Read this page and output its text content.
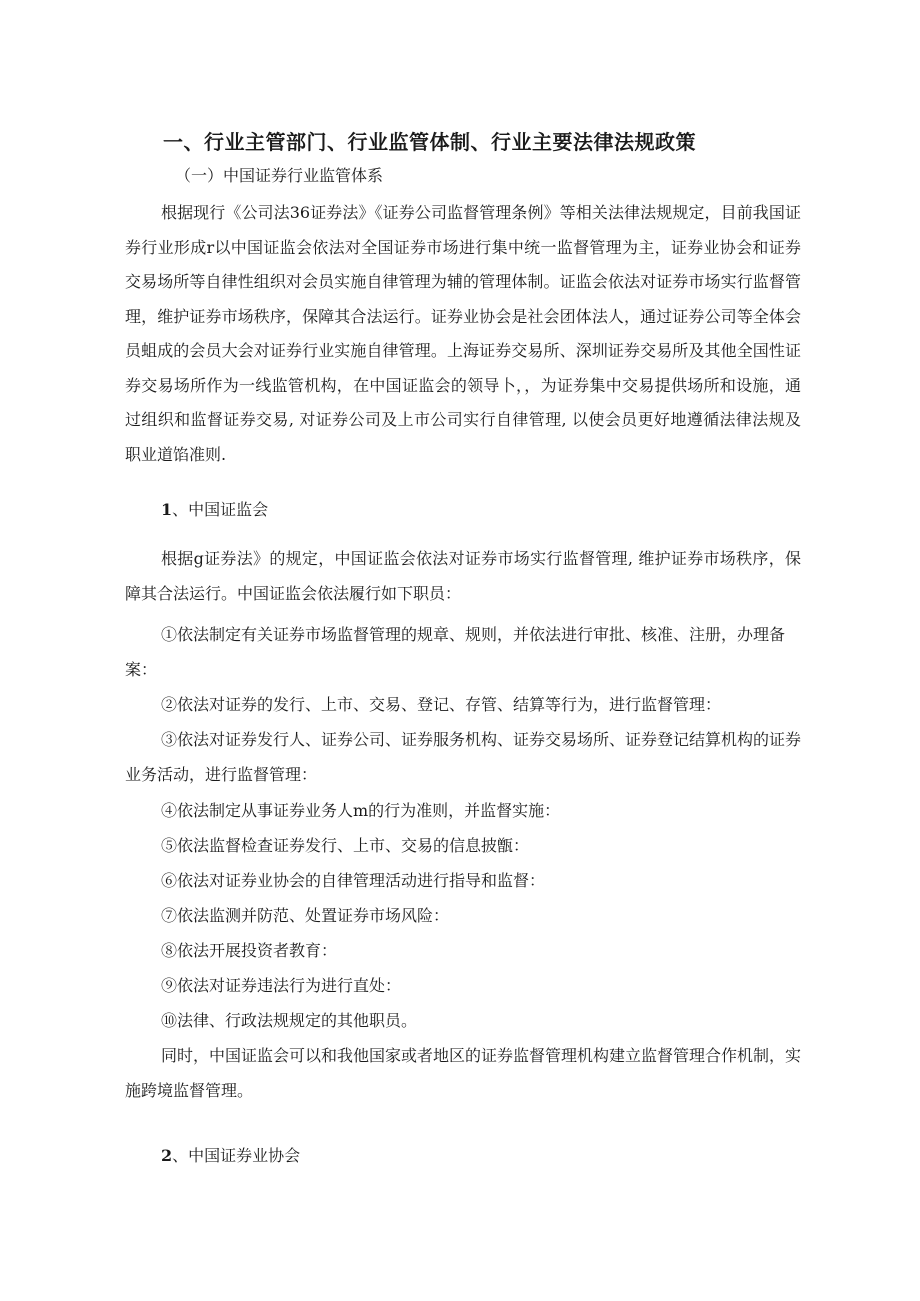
一、行业主管部门、行业监管体制、行业主要法律法规政策
（一）中国证券行业监管体系

根据现行《公司法36证券法》《证券公司监督管理条例》等相关法律法规规定，目前我国证券行业形成r以中国证监会依法对全国证券市场进行集中统一监督管理为主，证券业协会和证券交易场所等自律性组织对会员实施自律管理为辅的管理体制。证监会依法对证券市场实行监督管理，维护证券市场秩序，保障其合法运行。证券业协会是社会团体法人，通过证券公司等全体会员蛆成的会员大会对证券行业实施自律管理。上海证券交易所、深圳证券交易所及其他全国性证券交易场所作为一线监管机构，在中国证监会的领导卜，，为证券集中交易提供场所和设施，通过组织和监督证券交易, 对证券公司及上市公司实行自律管理, 以使会员更好地遵循法律法规及职业道馅准则.

1、中国证监会

根据g证券法》的规定，中国证监会依法对证券市场实行监督管理, 维护证券市场秩序，保障其合法运行。中国证监会依法履行如下职员：

①依法制定有关证券市场监督管理的规章、规则，并依法进行审批、核准、注册，办理备案：

②依法对证券的发行、上市、交易、登记、存管、结算等行为，进行监督管理：

③依法对证券发行人、证券公司、证券服务机构、证券交易场所、证券登记结算机构的证券业务活动，进行监督管理：

④依法制定从事证券业务人m的行为准则，并监督实施：

⑤依法监督检查证券发行、上市、交易的信息披甑：

⑥依法对证券业协会的自律管理活动进行指导和监督：

⑦依法监测并防范、处置证券市场风险：

⑧依法开展投资者教育：

⑨依法对证券违法行为进行直处：

⑩法律、行政法规规定的其他职员。

同时，中国证监会可以和我他国家或者地区的证券监督管理机构建立监督管理合作机制，实施跨境监督管理。

2、中国证券业协会
